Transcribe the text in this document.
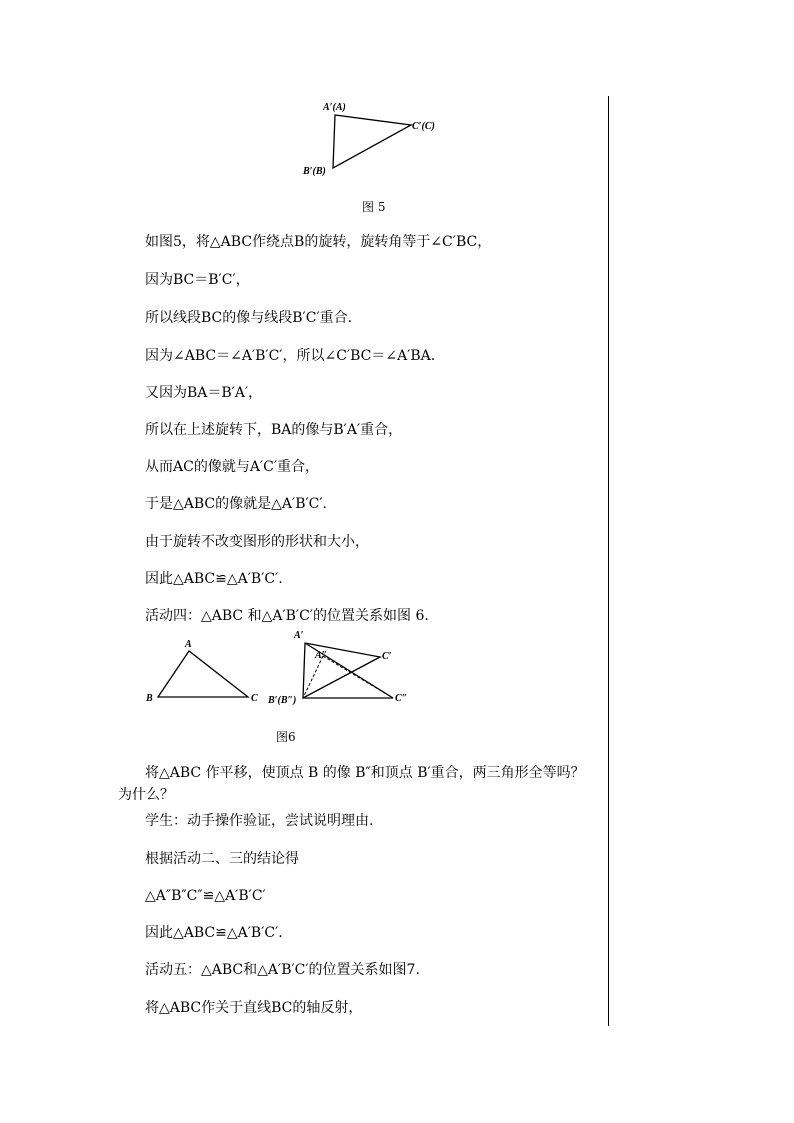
A′(A)
B′(B)
C′(C)
图 5
如图5，将△ABC作绕点B的旋转，旋转角等于∠C′BC，
因为BC＝B′C′，
所以线段BC的像与线段B′C′重合.
因为∠ABC＝∠A′B′C′，所以∠C′BC＝∠A′BA.
又因为BA＝B′A′，
所以在上述旋转下，BA的像与B′A′重合，
从而AC的像就与A′C′重合，
于是△ABC的像就是△A′B′C′.
由于旋转不改变图形的形状和大小，
因此△ABC≌△A′B′C′.
活动四：△ABC 和△A′B′C′的位置关系如图 6.
A
B	C
A′
A″	C′
C″
B′(B″)
图6
将△ABC 作平移，使顶点 B 的像 B″和顶点 B′重合，两三角形全等吗？为什么？
学生：动手操作验证，尝试说明理由.
根据活动二、三的结论得
△A″B″C″≌△A′B′C′
因此△ABC≌△A′B′C′.
活动五：△ABC和△A′B′C′的位置关系如图7.
将△ABC作关于直线BC的轴反射，
